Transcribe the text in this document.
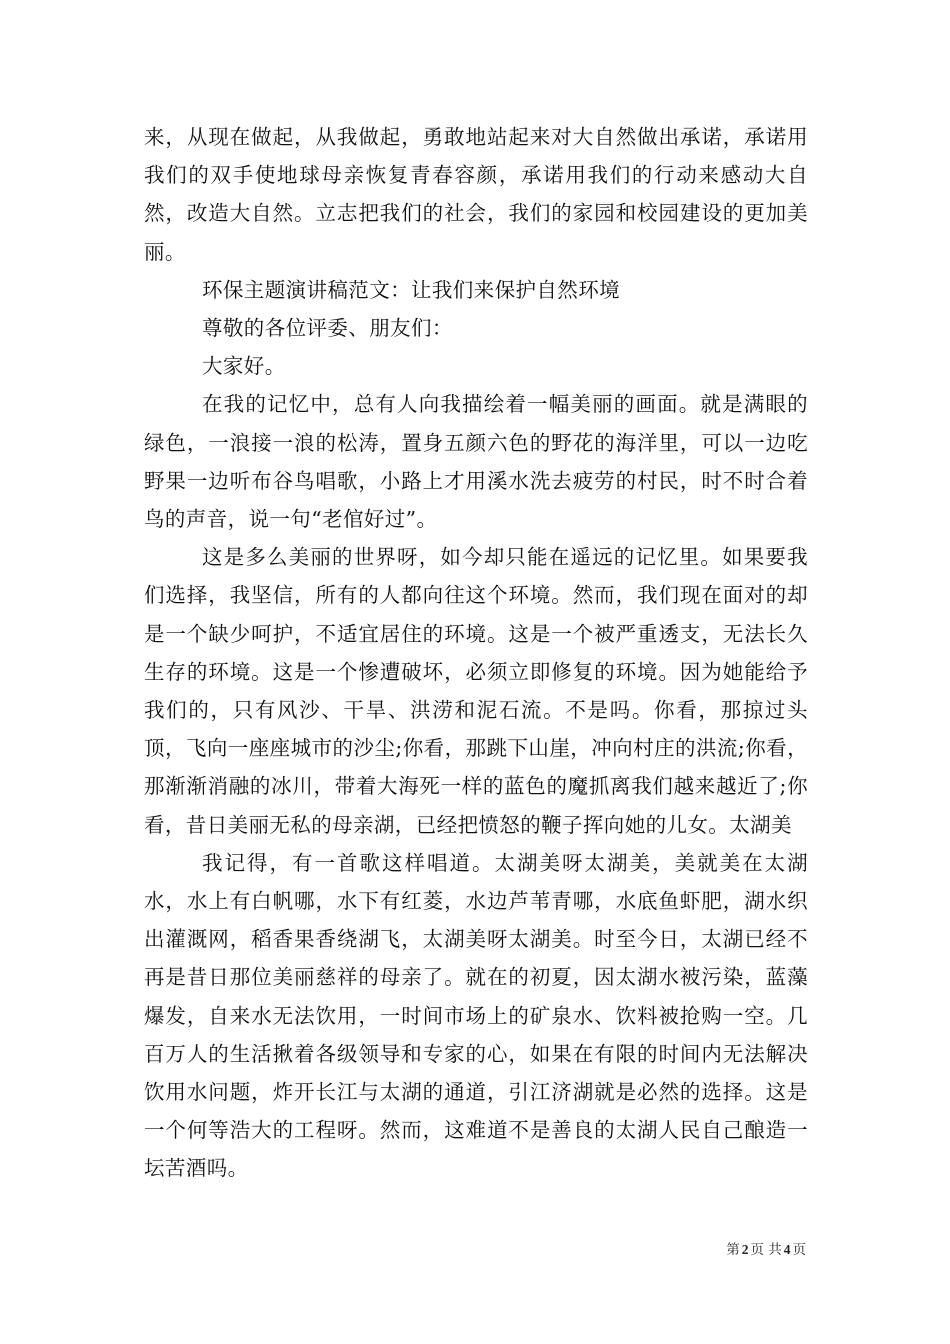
来，从现在做起，从我做起，勇敢地站起来对大自然做出承诺，承诺用我们的双手使地球母亲恢复青春容颜，承诺用我们的行动来感动大自然，改造大自然。立志把我们的社会，我们的家园和校园建设的更加美丽。

环保主题演讲稿范文：让我们来保护自然环境

尊敬的各位评委、朋友们：

大家好。

在我的记忆中，总有人向我描绘着一幅美丽的画面。就是满眼的绿色，一浪接一浪的松涛，置身五颜六色的野花的海洋里，可以一边吃野果一边听布谷鸟唱歌，小路上才用溪水洗去疲劳的村民，时不时合着鸟的声音，说一句“老倌好过”。

这是多么美丽的世界呀，如今却只能在遥远的记忆里。如果要我们选择，我坚信，所有的人都向往这个环境。然而，我们现在面对的却是一个缺少呵护，不适宜居住的环境。这是一个被严重透支，无法长久生存的环境。这是一个惨遭破坏，必须立即修复的环境。因为她能给予我们的，只有风沙、干旱、洪涝和泥石流。不是吗。你看，那掠过头顶，飞向一座座城市的沙尘;你看，那跳下山崖，冲向村庄的洪流;你看，那渐渐消融的冰川，带着大海死一样的蓝色的魔抓离我们越来越近了;你看，昔日美丽无私的母亲湖，已经把愤怒的鞭子挥向她的儿女。太湖美

我记得，有一首歌这样唱道。太湖美呀太湖美，美就美在太湖水，水上有白帆哪，水下有红菱，水边芦苇青哪，水底鱼虾肥，湖水织出灌溉网，稻香果香绕湖飞，太湖美呀太湖美。时至今日，太湖已经不再是昔日那位美丽慈祥的母亲了。就在的初夏，因太湖水被污染，蓝藻爆发，自来水无法饮用，一时间市场上的矿泉水、饮料被抢购一空。几百万人的生活揪着各级领导和专家的心，如果在有限的时间内无法解决饮用水问题，炸开长江与太湖的通道，引江济湖就是必然的选择。这是一个何等浩大的工程呀。然而，这难道不是善良的太湖人民自己酿造一坛苦酒吗。

第 2 页 共 4 页
